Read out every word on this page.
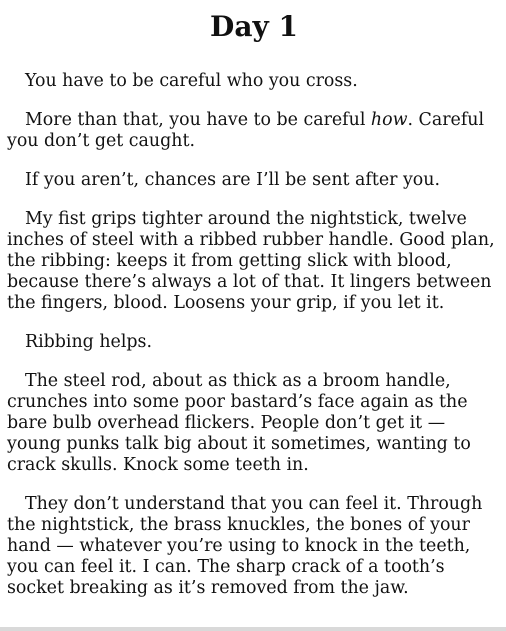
Day 1

You have to be careful who you cross.

More than that, you have to be careful how. Careful you don’t get caught.

If you aren’t, chances are I’ll be sent after you.

My fist grips tighter around the nightstick, twelve inches of steel with a ribbed rubber handle. Good plan, the ribbing: keeps it from getting slick with blood, because there’s always a lot of that. It lingers between the fingers, blood. Loosens your grip, if you let it.

Ribbing helps.

The steel rod, about as thick as a broom handle, crunches into some poor bastard’s face again as the bare bulb overhead flickers. People don’t get it — young punks talk big about it sometimes, wanting to crack skulls. Knock some teeth in.

They don’t understand that you can feel it. Through the nightstick, the brass knuckles, the bones of your hand — whatever you’re using to knock in the teeth, you can feel it. I can. The sharp crack of a tooth’s socket breaking as it’s removed from the jaw.
